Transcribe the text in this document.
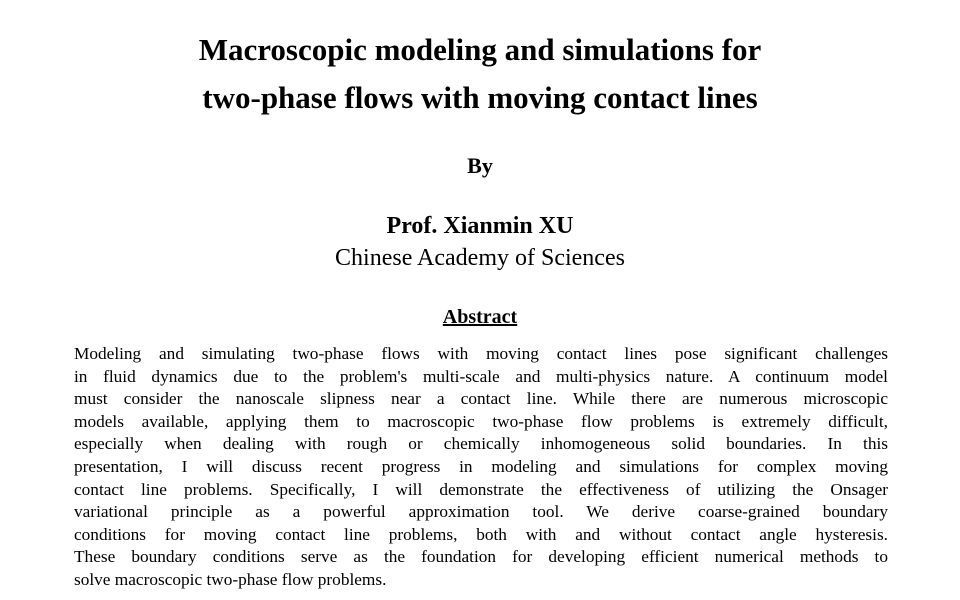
Macroscopic modeling and simulations for
two-phase flows with moving contact lines
By
Prof. Xianmin XU
Chinese Academy of Sciences
Abstract
Modeling and simulating two-phase flows with moving contact lines pose significant challenges
in fluid dynamics due to the problem's multi-scale and multi-physics nature. A continuum model
must consider the nanoscale slipness near a contact line. While there are numerous microscopic
models available, applying them to macroscopic two-phase flow problems is extremely difficult,
especially when dealing with rough or chemically inhomogeneous solid boundaries. In this
presentation, I will discuss recent progress in modeling and simulations for complex moving
contact line problems. Specifically, I will demonstrate the effectiveness of utilizing the Onsager
variational principle as a powerful approximation tool. We derive coarse-grained boundary
conditions for moving contact line problems, both with and without contact angle hysteresis.
These boundary conditions serve as the foundation for developing efficient numerical methods to
solve macroscopic two-phase flow problems.
